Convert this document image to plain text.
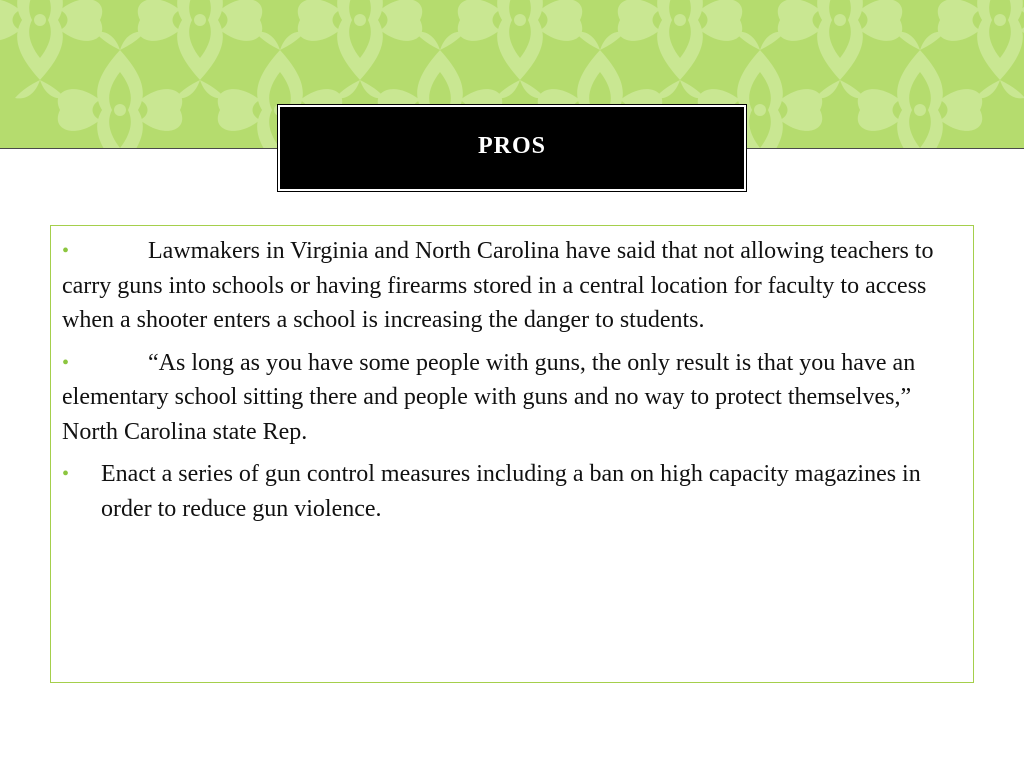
PROS
•	Lawmakers in Virginia and North Carolina have said that not allowing teachers to carry guns into schools or having firearms stored in a central location for faculty to access when a shooter enters a school is increasing the danger to students.
•	“As long as you have some people with guns, the only result is that you have an elementary school sitting there and people with guns and no way to protect themselves,” North Carolina state Rep.
• Enact a series of gun control measures including a ban on high capacity magazines in order to reduce gun violence.
